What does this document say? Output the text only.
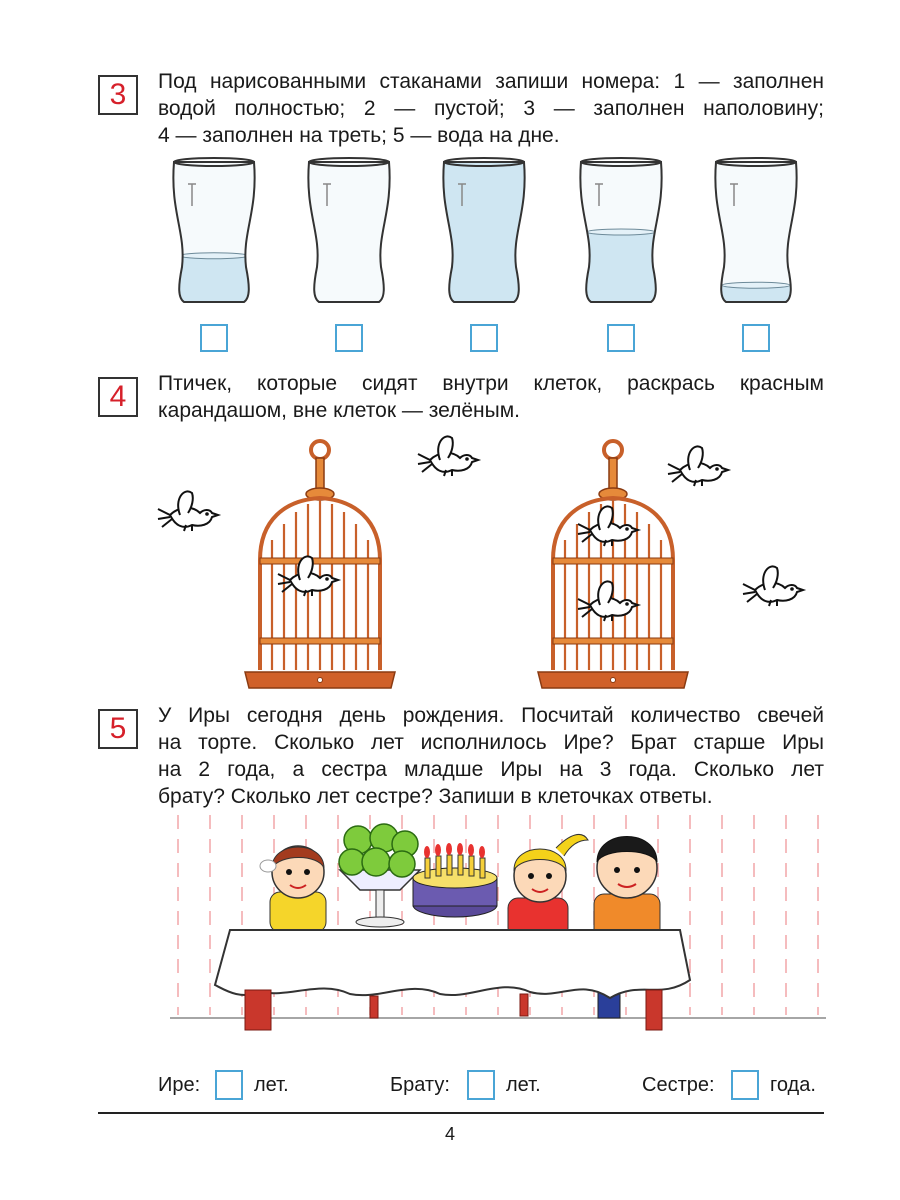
3	Под нарисованными стаканами запиши номера: 1 — заполнен
водой полностью; 2 — пустой; 3 — заполнен наполовину;
4 — заполнен на треть; 5 — вода на дне.
4	Птичек, которые сидят внутри клеток, раскрась красным
карандашом, вне клеток — зелёным.
5	У Иры сегодня день рождения. Посчитай количество свечей
на торте. Сколько лет исполнилось Ире? Брат старше Иры
на 2 года, а сестра младше Иры на 3 года. Сколько лет
брату? Сколько лет сестре? Запиши в клеточках ответы.
Ире:	лет.	Брату:	лет.	Сестре:	года.
4
